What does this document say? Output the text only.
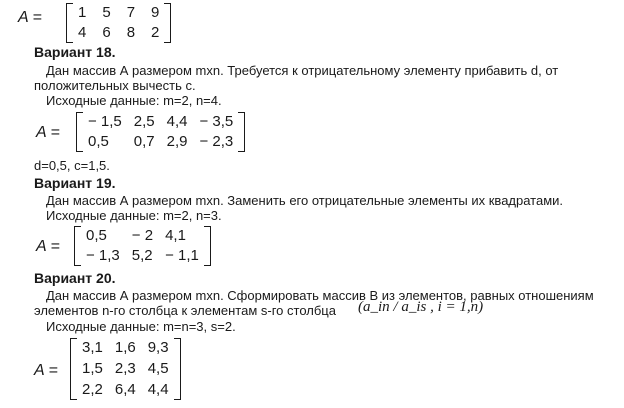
A = 1 5 7 9
4 6 8 2
Вариант 18.
Дан массив А размером mxn. Требуется к отрицательному элементу прибавить d, от
положительных вычесть с.
Исходные данные: m=2, n=4.
A =
− 1,5 2,5 4,4 − 3,5
0,5	0,7 2,9 − 2,3
d=0,5, c=1,5.
Вариант 19.
Дан массив А размером mxn. Заменить его отрицательные элементы их квадратами.
Исходные данные: m=2, n=3.
A =
0,5	− 2 4,1
− 1,3 5,2 − 1,1
Вариант 20.
Дан массив А размером mxn. Сформировать массив В из элементов, равных отношениям
элементов n-го столбца к элементам s-го столбца (a_in / a_is , i = 1,n)
Исходные данные: m=n=3, s=2.
A =
3,1 1,6 9,3
1,5 2,3 4,5
2,2 6,4 4,4
